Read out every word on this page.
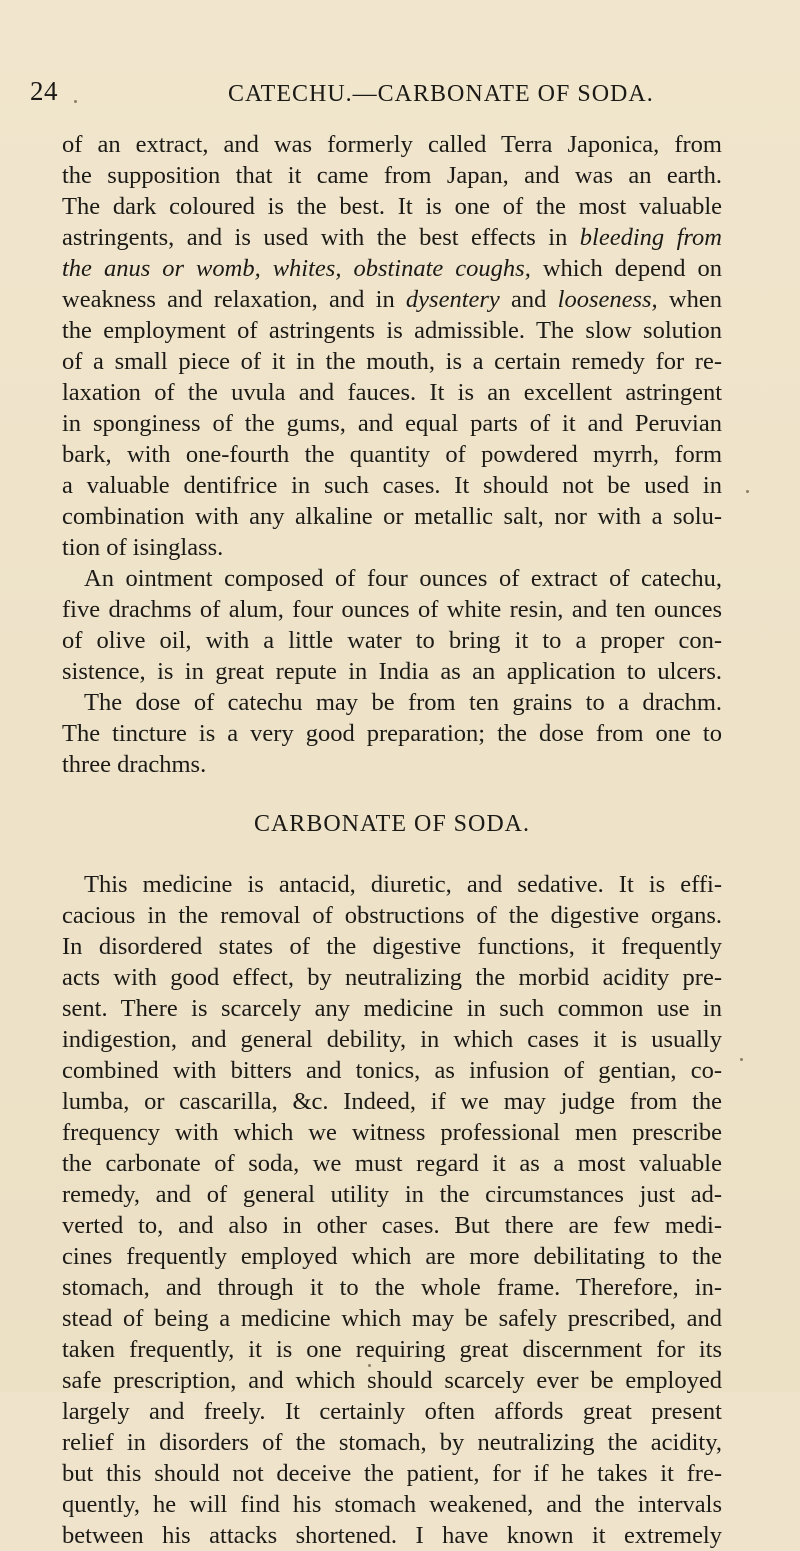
24	CATECHU.—CARBONATE OF SODA.
of an extract, and was formerly called Terra Japonica, from
the supposition that it came from Japan, and was an earth.
The dark coloured is the best. It is one of the most valuable
astringents, and is used with the best effects in bleeding from
the anus or womb, whites, obstinate coughs, which depend on
weakness and relaxation, and in dysentery and looseness, when
the employment of astringents is admissible. The slow solution
of a small piece of it in the mouth, is a certain remedy for re-
laxation of the uvula and fauces. It is an excellent astringent
in sponginess of the gums, and equal parts of it and Peruvian
bark, with one-fourth the quantity of powdered myrrh, form
a valuable dentifrice in such cases. It should not be used in
combination with any alkaline or metallic salt, nor with a solu-
tion of isinglass.
An ointment composed of four ounces of extract of catechu,
five drachms of alum, four ounces of white resin, and ten ounces
of olive oil, with a little water to bring it to a proper con-
sistence, is in great repute in India as an application to ulcers.
The dose of catechu may be from ten grains to a drachm.
The tincture is a very good preparation; the dose from one to
three drachms.
CARBONATE OF SODA.
This medicine is antacid, diuretic, and sedative. It is effi-
cacious in the removal of obstructions of the digestive organs.
In disordered states of the digestive functions, it frequently
acts with good effect, by neutralizing the morbid acidity pre-
sent. There is scarcely any medicine in such common use in
indigestion, and general debility, in which cases it is usually
combined with bitters and tonics, as infusion of gentian, co-
lumba, or cascarilla, &c. Indeed, if we may judge from the
frequency with which we witness professional men prescribe
the carbonate of soda, we must regard it as a most valuable
remedy, and of general utility in the circumstances just ad-
verted to, and also in other cases. But there are few medi-
cines frequently employed which are more debilitating to the
stomach, and through it to the whole frame. Therefore, in-
stead of being a medicine which may be safely prescribed, and
taken frequently, it is one requiring great discernment for its
safe prescription, and which should scarcely ever be employed
largely and freely. It certainly often affords great present
relief in disorders of the stomach, by neutralizing the acidity,
but this should not deceive the patient, for if he takes it fre-
quently, he will find his stomach weakened, and the intervals
between his attacks shortened. I have known it extremely
